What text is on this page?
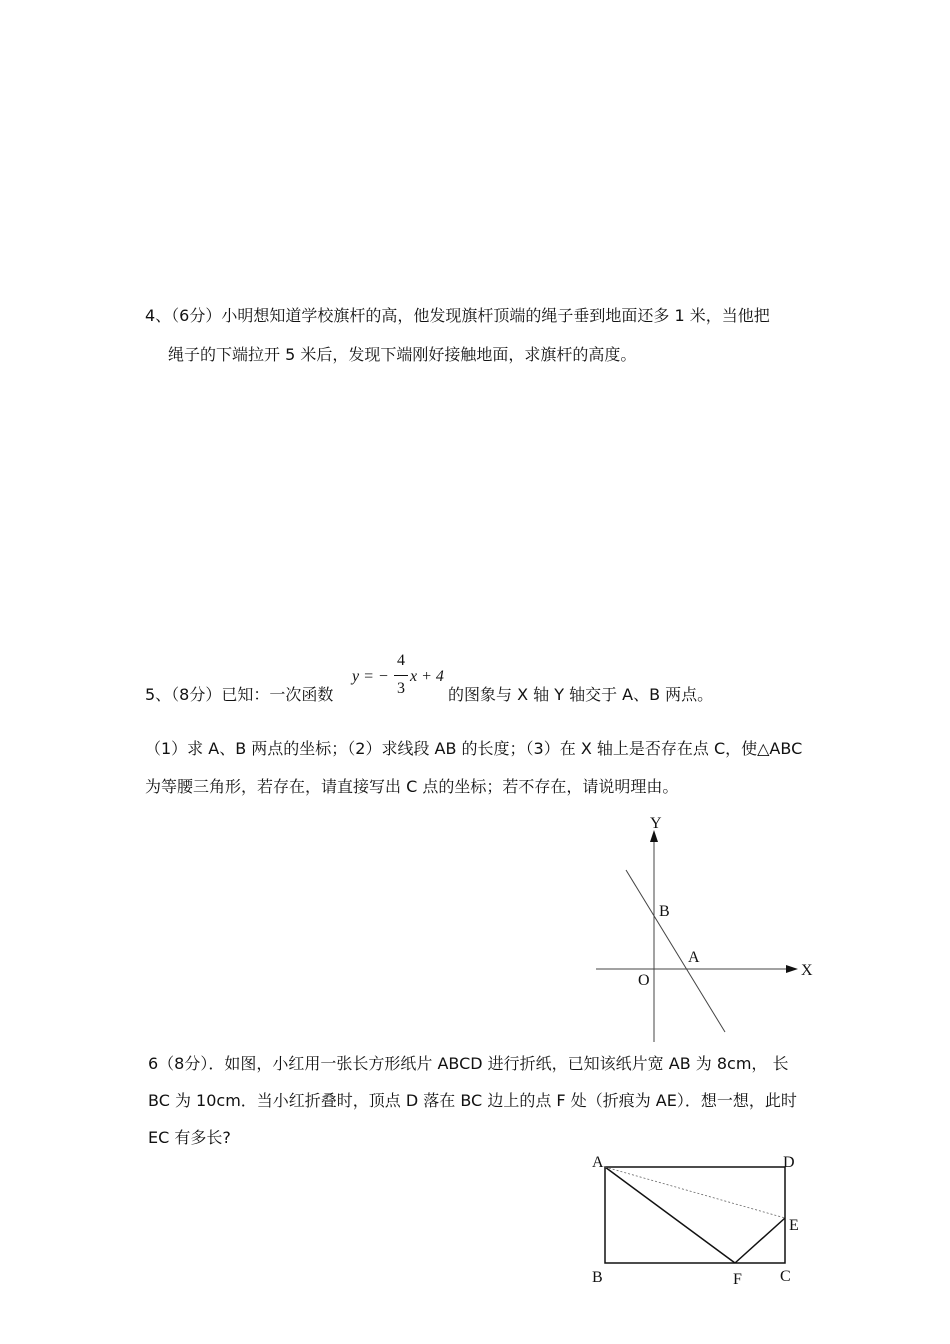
4、（6分）小明想知道学校旗杆的高，他发现旗杆顶端的绳子垂到地面还多 1 米，当他把
绳子的下端拉开 5 米后，发现下端刚好接触地面，求旗杆的高度。
5、（8分）已知：一次函数
y = −
4
3
x + 4
的图象与 X 轴 Y 轴交于 A、B 两点。
（1）求 A、B 两点的坐标；（2）求线段 AB 的长度；（3）在 X 轴上是否存在点 C，使△ABC
为等腰三角形，若存在，请直接写出 C 点的坐标；若不存在，请说明理由。
Y
X
O
A
B
6（8分）．如图，小红用一张长方形纸片 ABCD 进行折纸，已知该纸片宽 AB 为 8cm， 长
BC 为 10cm．当小红折叠时，顶点 D 落在 BC 边上的点 F 处（折痕为 AE）．想一想，此时
EC 有多长?
A	D
E
B	F C
